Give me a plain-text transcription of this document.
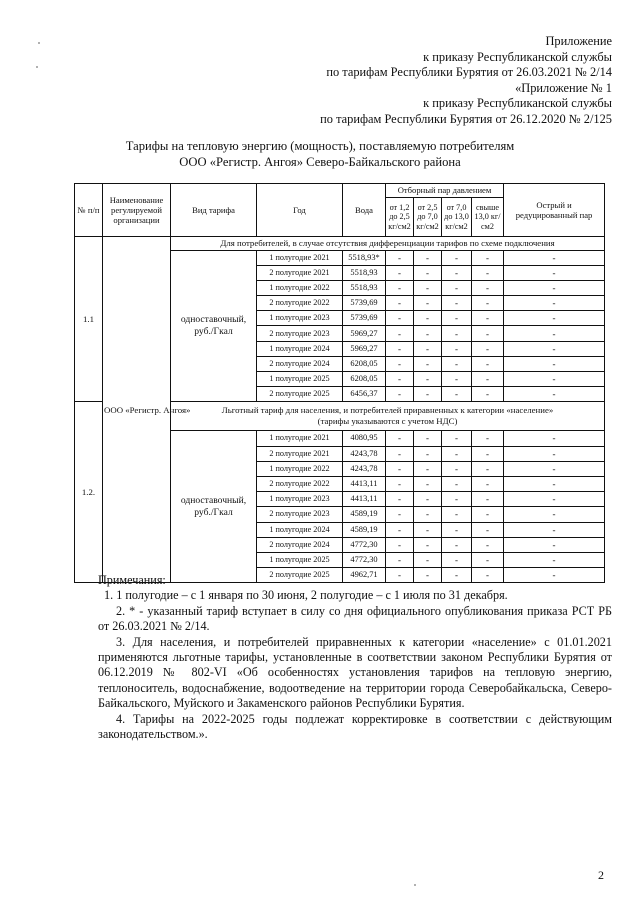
Приложение
к приказу Республиканской службы
по тарифам Республики Бурятия от 26.03.2021 № 2/14
«Приложение № 1
к приказу Республиканской службы
по тарифам Республики Бурятия от 26.12.2020 № 2/125
Тарифы на тепловую энергию (мощность), поставляемую потребителям
ООО «Регистр. Ангоя» Северо-Байкальского района
№ п/п	Наименование регулируемой организации	Вид тарифа	Год	Вода	Отборный пар давлением				Острый и редуцированный пар
					от 1,2 до 2,5 кг/см2	от 2,5 до 7,0 кг/см2	от 7,0 до 13,0 кг/см2	свыше 13,0 кг/см2	
1.1	ООО «Регистр. Ангоя»	Для потребителей, в случае отсутствия дифференциации тарифов по схеме подключения							
		одноставочный, руб./Гкал	1 полугодие 2021	5518,93*	-	-	-	-	-
			2 полугодие 2021	5518,93	-	-	-	-	-
			1 полугодие 2022	5518,93	-	-	-	-	-
			2 полугодие 2022	5739,69	-	-	-	-	-
			1 полугодие 2023	5739,69	-	-	-	-	-
			2 полугодие 2023	5969,27	-	-	-	-	-
			1 полугодие 2024	5969,27	-	-	-	-	-
			2 полугодие 2024	6208,05	-	-	-	-	-
			1 полугодие 2025	6208,05	-	-	-	-	-
			2 полугодие 2025	6456,37	-	-	-	-	-
1.2.		Льготный тариф для населения, и потребителей приравненных к категории «население»
(тарифы указываются с учетом НДС)							

		одноставочный, руб./Гкал	1 полугодие 2021	4080,95	-	-	-	-	-
			2 полугодие 2021	4243,78	-	-	-	-	-
			1 полугодие 2022	4243,78	-	-	-	-	-
			2 полугодие 2022	4413,11	-	-	-	-	-
			1 полугодие 2023	4413,11	-	-	-	-	-
			2 полугодие 2023	4589,19	-	-	-	-	-
			1 полугодие 2024	4589,19	-	-	-	-	-
			2 полугодие 2024	4772,30	-	-	-	-	-
			1 полугодие 2025	4772,30	-	-	-	-	-
			2 полугодие 2025	4962,71	-	-	-	-	-

Примечания:

1. 1 полугодие – с 1 января по 30 июня, 2 полугодие – с 1 июля по 31 декабря.

2. * - указанный тариф вступает в силу со дня официального опубликования приказа РСТ РБ от 26.03.2021 № 2/14.

3. Для населения, и потребителей приравненных к категории «население» с 01.01.2021 применяются льготные тарифы, установленные в соответствии законом Республики Бурятия от 06.12.2019 № 802-VI «Об особенностях установления тарифов на тепловую энергию, теплоноситель, водоснабжение, водоотведение на территории города Северобайкальска, Северо-Байкальского, Муйского и Закаменского районов Республики Бурятия.

4. Тарифы на 2022-2025 годы подлежат корректировке в соответствии с действующим законодательством.».

2
